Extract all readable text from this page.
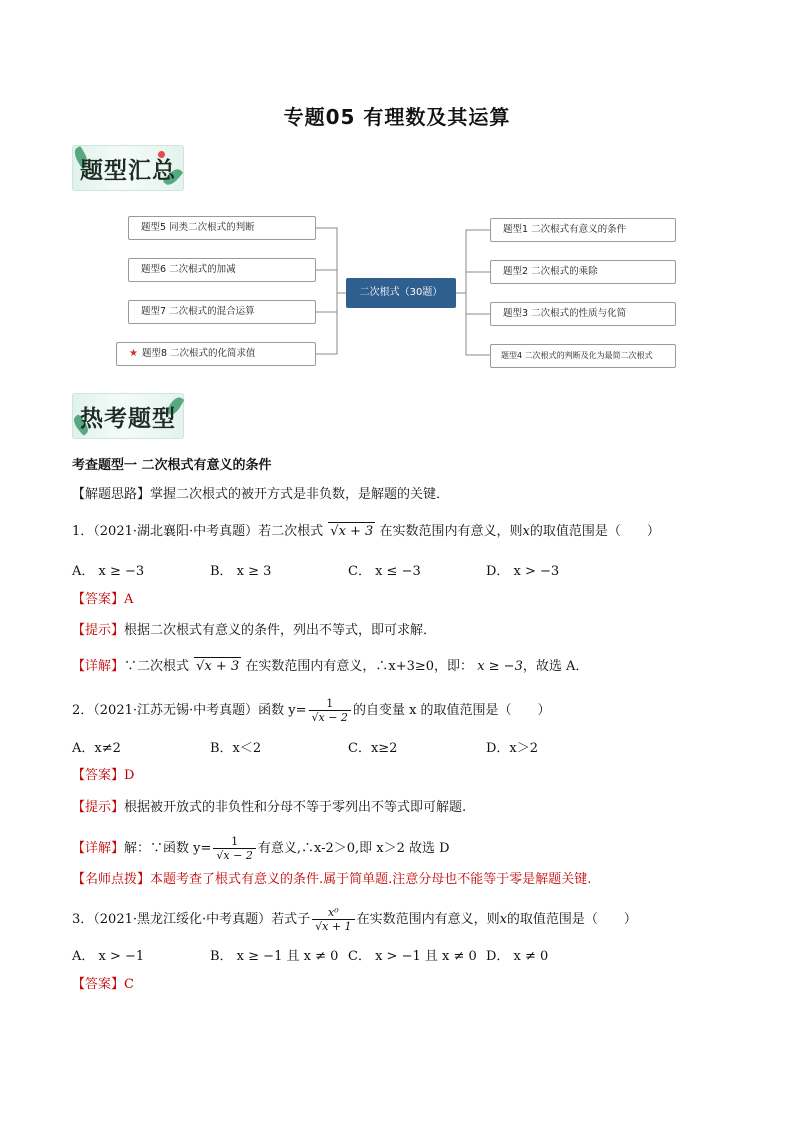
专题05 有理数及其运算
题型汇总
二次根式（30题）
题型5 同类二次根式的判断
题型6 二次根式的加减
题型7 二次根式的混合运算
★ 题型8 二次根式的化简求值
题型1 二次根式有意义的条件
题型2 二次根式的乘除
题型3 二次根式的性质与化简
题型4 二次根式的判断及化为最简二次根式
热考题型
考查题型一 二次根式有意义的条件
【解题思路】掌握二次根式的被开方式是非负数，是解题的关键．
1．（2021·湖北襄阳·中考真题）若二次根式 √x + 3 在实数范围内有意义，则x的取值范围是（　　）
A． x ≥ −3	B． x ≥ 3	C． x ≤ −3	D． x > −3
【答案】A
【提示】根据二次根式有意义的条件，列出不等式，即可求解．
【详解】∵二次根式 √x + 3 在实数范围内有意义，∴x+3≥0，即： x ≥ −3，故选 A．
2．（2021·江苏无锡·中考真题）函数 $y= \frac{1}{√x - 2}$ 的自变量 x 的取值范围是（　　）
A．x≠2	B．x＜2	C．x≥2	D．x＞2
【答案】D
【提示】根据被开放式的非负性和分母不等于零列出不等式即可解题.
【详解】解：∵函数 $y= \frac{1}{√x - 2}$ 有意义,∴x-2＞0,即 x＞2 故选 D
【名师点拨】本题考查了根式有意义的条件.属于简单题.注意分母也不能等于零是解题关键.
3．（2021·黑龙江绥化·中考真题）若式子 $\frac{\text{x⁰}}{√x + 1}$ 在实数范围内有意义，则x的取值范围是（　　）
A． x > −1	B． x ≥ −1 且 x ≠ 0 C． x > −1 且 x ≠ 0 D． x ≠ 0
【答案】C
